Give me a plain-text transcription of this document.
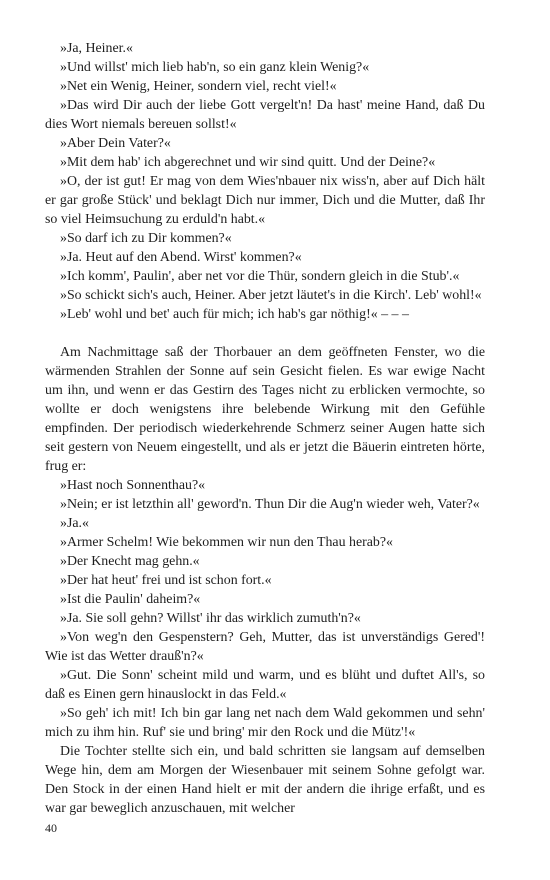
»Ja, Heiner.«

»Und willst' mich lieb hab'n, so ein ganz klein Wenig?«

»Net ein Wenig, Heiner, sondern viel, recht viel!«

»Das wird Dir auch der liebe Gott vergelt'n! Da hast' meine Hand, daß Du dies Wort niemals bereuen sollst!«

»Aber Dein Vater?«

»Mit dem hab' ich abgerechnet und wir sind quitt. Und der Deine?«

»O, der ist gut! Er mag von dem Wies'nbauer nix wiss'n, aber auf Dich hält er gar große Stück' und beklagt Dich nur immer, Dich und die Mutter, daß Ihr so viel Heimsuchung zu erduld'n habt.«

»So darf ich zu Dir kommen?«

»Ja. Heut auf den Abend. Wirst' kommen?«

»Ich komm', Paulin', aber net vor die Thür, sondern gleich in die Stub'.«

»So schickt sich's auch, Heiner. Aber jetzt läutet's in die Kirch'. Leb' wohl!«

»Leb' wohl und bet' auch für mich; ich hab's gar nöthig!« – – –

Am Nachmittage saß der Thorbauer an dem geöffneten Fenster, wo die wärmenden Strahlen der Sonne auf sein Gesicht fielen. Es war ewige Nacht um ihn, und wenn er das Gestirn des Tages nicht zu erblicken vermochte, so wollte er doch wenigstens ihre belebende Wirkung mit den Gefühle empfinden. Der periodisch wiederkehrende Schmerz seiner Augen hatte sich seit gestern von Neuem eingestellt, und als er jetzt die Bäuerin eintreten hörte, frug er:

»Hast noch Sonnenthau?«

»Nein; er ist letzthin all' geword'n. Thun Dir die Aug'n wieder weh, Vater?«

»Ja.«

»Armer Schelm! Wie bekommen wir nun den Thau herab?«

»Der Knecht mag gehn.«

»Der hat heut' frei und ist schon fort.«

»Ist die Paulin' daheim?«

»Ja. Sie soll gehn? Willst' ihr das wirklich zumuth'n?«

»Von weg'n den Gespenstern? Geh, Mutter, das ist unverständigs Gered'! Wie ist das Wetter drauß'n?«

»Gut. Die Sonn' scheint mild und warm, und es blüht und duftet All's, so daß es Einen gern hinauslockt in das Feld.«

»So geh' ich mit! Ich bin gar lang net nach dem Wald gekommen und sehn' mich zu ihm hin. Ruf' sie und bring' mir den Rock und die Mütz'!«

Die Tochter stellte sich ein, und bald schritten sie langsam auf demselben Wege hin, dem am Morgen der Wiesenbauer mit seinem Sohne gefolgt war. Den Stock in der einen Hand hielt er mit der andern die ihrige erfaßt, und es war gar beweglich anzuschauen, mit welcher

40
